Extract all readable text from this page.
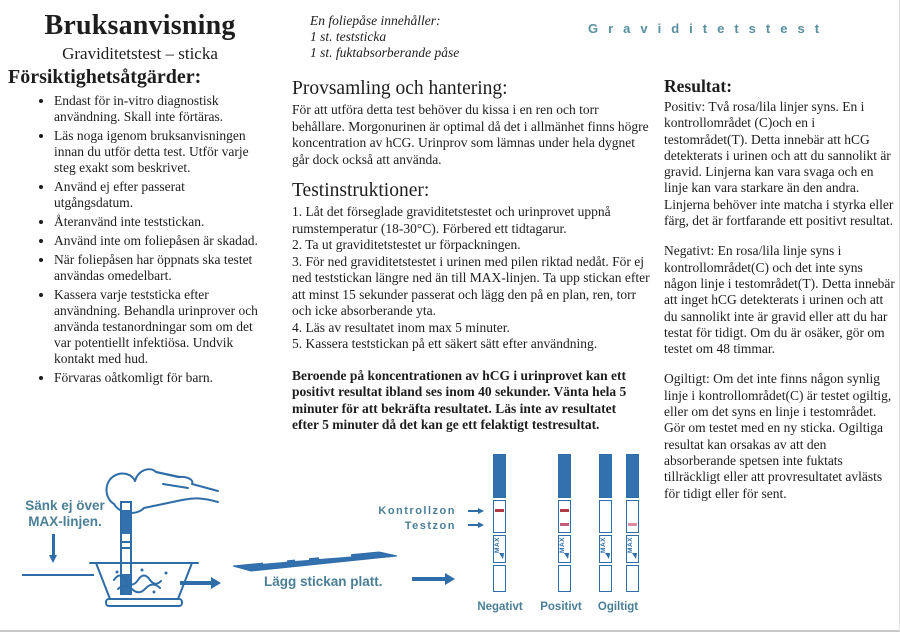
Bruksanvisning
Graviditetstest – sticka
En foliepåse innehåller:
1 st. teststicka
1 st. fuktabsorberande påse
Graviditetstest
Försiktighetsåtgärder:
• Endast för in-vitro diagnostisk användning. Skall inte förtäras.
• Läs noga igenom bruksanvisningen innan du utför detta test. Utför varje steg exakt som beskrivet.
• Använd ej efter passerat utgångsdatum.
• Återanvänd inte teststickan.
• Använd inte om foliepåsen är skadad.
• När foliepåsen har öppnats ska testet användas omedelbart.
• Kassera varje teststicka efter användning. Behandla urinprover och använda testanordningar som om det var potentiellt infektiösa. Undvik kontakt med hud.
• Förvaras oåtkomligt för barn.
Provsamling och hantering:

För att utföra detta test behöver du kissa i en ren och torr behållare. Morgonurinen är optimal då det i allmänhet finns högre koncentration av hCG. Urinprov som lämnas under hela dygnet går dock också att använda.

Testinstruktioner:
1. Låt det förseglade graviditetstestet och urinprovet uppnå rumstemperatur (18-30°C). Förbered ett tidtagarur.
2. Ta ut graviditetstestet ur förpackningen.
3. För ned graviditetstestet i urinen med pilen riktad nedåt. För ej ned teststickan längre ned än till MAX-linjen. Ta upp stickan efter att minst 15 sekunder passerat och lägg den på en plan, ren, torr och icke absorberande yta.
4. Läs av resultatet inom max 5 minuter.
5. Kassera teststickan på ett säkert sätt efter användning.

Beroende på koncentrationen av hCG i urinprovet kan ett positivt resultat ibland ses inom 40 sekunder. Vänta hela 5 minuter för att bekräfta resultatet. Läs inte av resultatet efter 5 minuter då det kan ge ett felaktigt testresultat.

Resultat:

Positiv: Två rosa/lila linjer syns. En i kontrollområdet (C)och en i testområdet(T). Detta innebär att hCG detekterats i urinen och att du sannolikt är gravid. Linjerna kan vara svaga och en linje kan vara starkare än den andra. Linjerna behöver inte matcha i styrka eller färg, det är fortfarande ett positivt resultat.

Negativt: En rosa/lila linje syns i kontrollområdet(C) och det inte syns någon linje i testområdet(T). Detta innebär att inget hCG detekterats i urinen och att du sannolikt inte är gravid eller att du har testat för tidigt. Om du är osäker, gör om testet om 48 timmar.

Ogiltigt: Om det inte finns någon synlig linje i kontrollområdet(C) är testet ogiltig, eller om det syns en linje i testområdet. Gör om testet med en ny sticka. Ogiltiga resultat kan orsakas av att den absorberande spetsen inte fuktats tillräckligt eller att provresultatet avlästs för tidigt eller för sent.

Sänk ej över MAX-linjen.
Lägg stickan platt.
Kontrollzon
Testzon
MAX	MAX	MAX	MAX
Negativt Positivt Ogiltigt
